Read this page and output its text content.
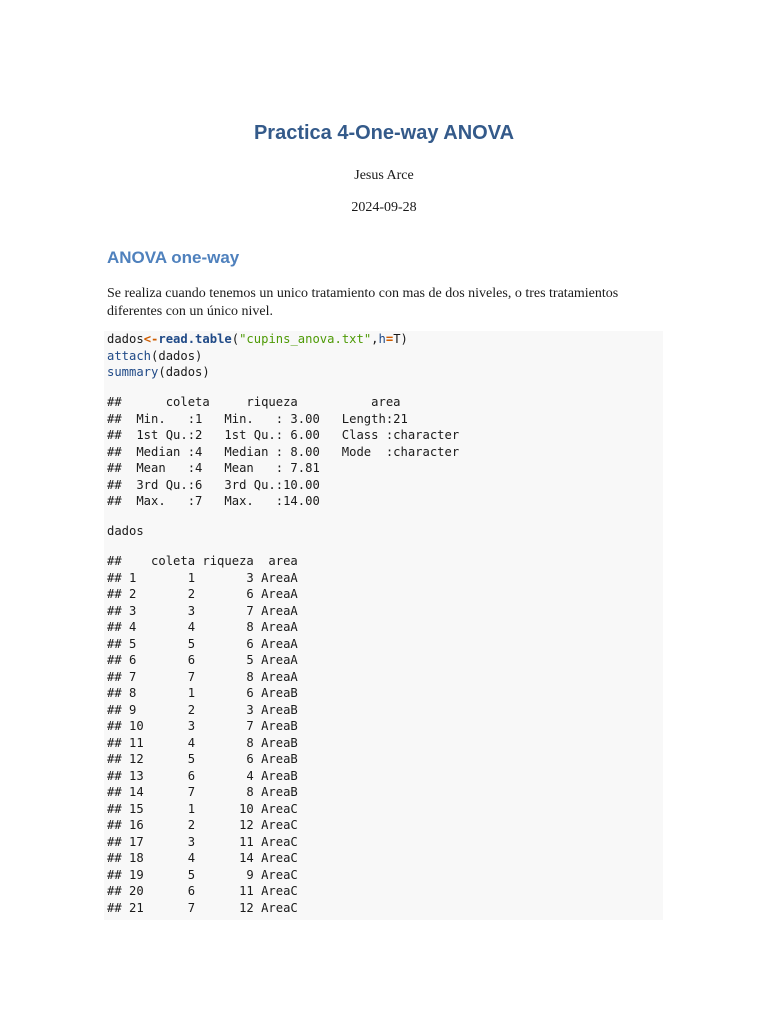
Practica 4-One-way ANOVA

Jesus Arce

2024-09-28

ANOVA one-way

Se realiza cuando tenemos un unico tratamiento con mas de dos niveles, o tres tratamientos diferentes con un único nivel.

dados<-read.table("cupins_anova.txt",h=T)
attach(dados)
summary(dados)
##      coleta     riqueza          area
##  Min.   :1   Min.   : 3.00   Length:21
##  1st Qu.:2   1st Qu.: 6.00   Class :character
##  Median :4   Median : 8.00   Mode  :character
##  Mean   :4   Mean   : 7.81
##  3rd Qu.:6   3rd Qu.:10.00
##  Max.   :7   Max.   :14.00
dados
##    coleta riqueza  area
## 1       1       3 AreaA
## 2       2       6 AreaA
## 3       3       7 AreaA
## 4       4       8 AreaA
## 5       5       6 AreaA
## 6       6       5 AreaA
## 7       7       8 AreaA
## 8       1       6 AreaB
## 9       2       3 AreaB
## 10      3       7 AreaB
## 11      4       8 AreaB
## 12      5       6 AreaB
## 13      6       4 AreaB
## 14      7       8 AreaB
## 15      1      10 AreaC
## 16      2      12 AreaC
## 17      3      11 AreaC
## 18      4      14 AreaC
## 19      5       9 AreaC
## 20      6      11 AreaC
## 21      7      12 AreaC
